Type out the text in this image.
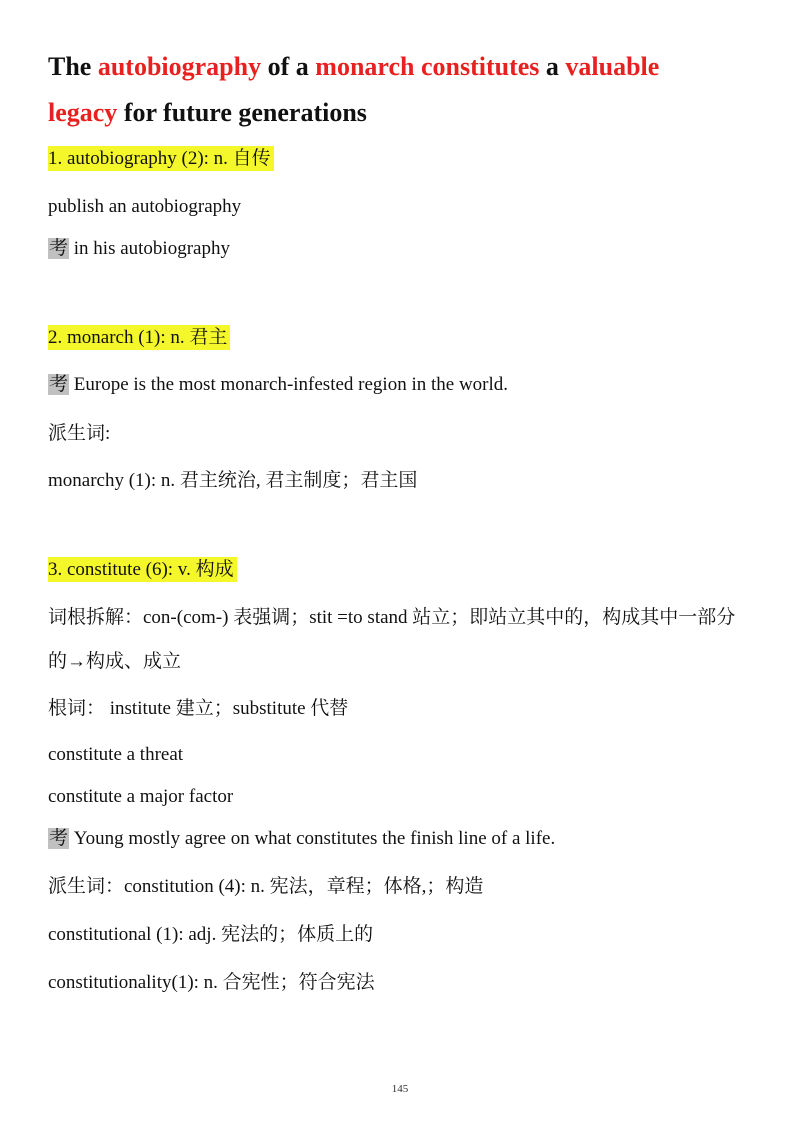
The autobiography of a monarch constitutes a valuable
legacy for future generations
1. autobiography (2): n. 自传
publish an autobiography
考 in his autobiography
2. monarch (1): n. 君主
考 Europe is the most monarch-infested region in the world.
派生词:
monarchy (1): n. 君主统治, 君主制度；君主国
3. constitute (6): v. 构成
词根拆解：con-(com-) 表强调；stit =to stand 站立；即站立其中的，构成其中一部分的→构成、成立
根词： institute 建立；substitute 代替
constitute a threat
constitute a major factor
考 Young mostly agree on what constitutes the finish line of a life.
派生词：constitution (4): n. 宪法，章程；体格,；构造
constitutional (1): adj. 宪法的；体质上的
constitutionality(1): n. 合宪性；符合宪法
145
